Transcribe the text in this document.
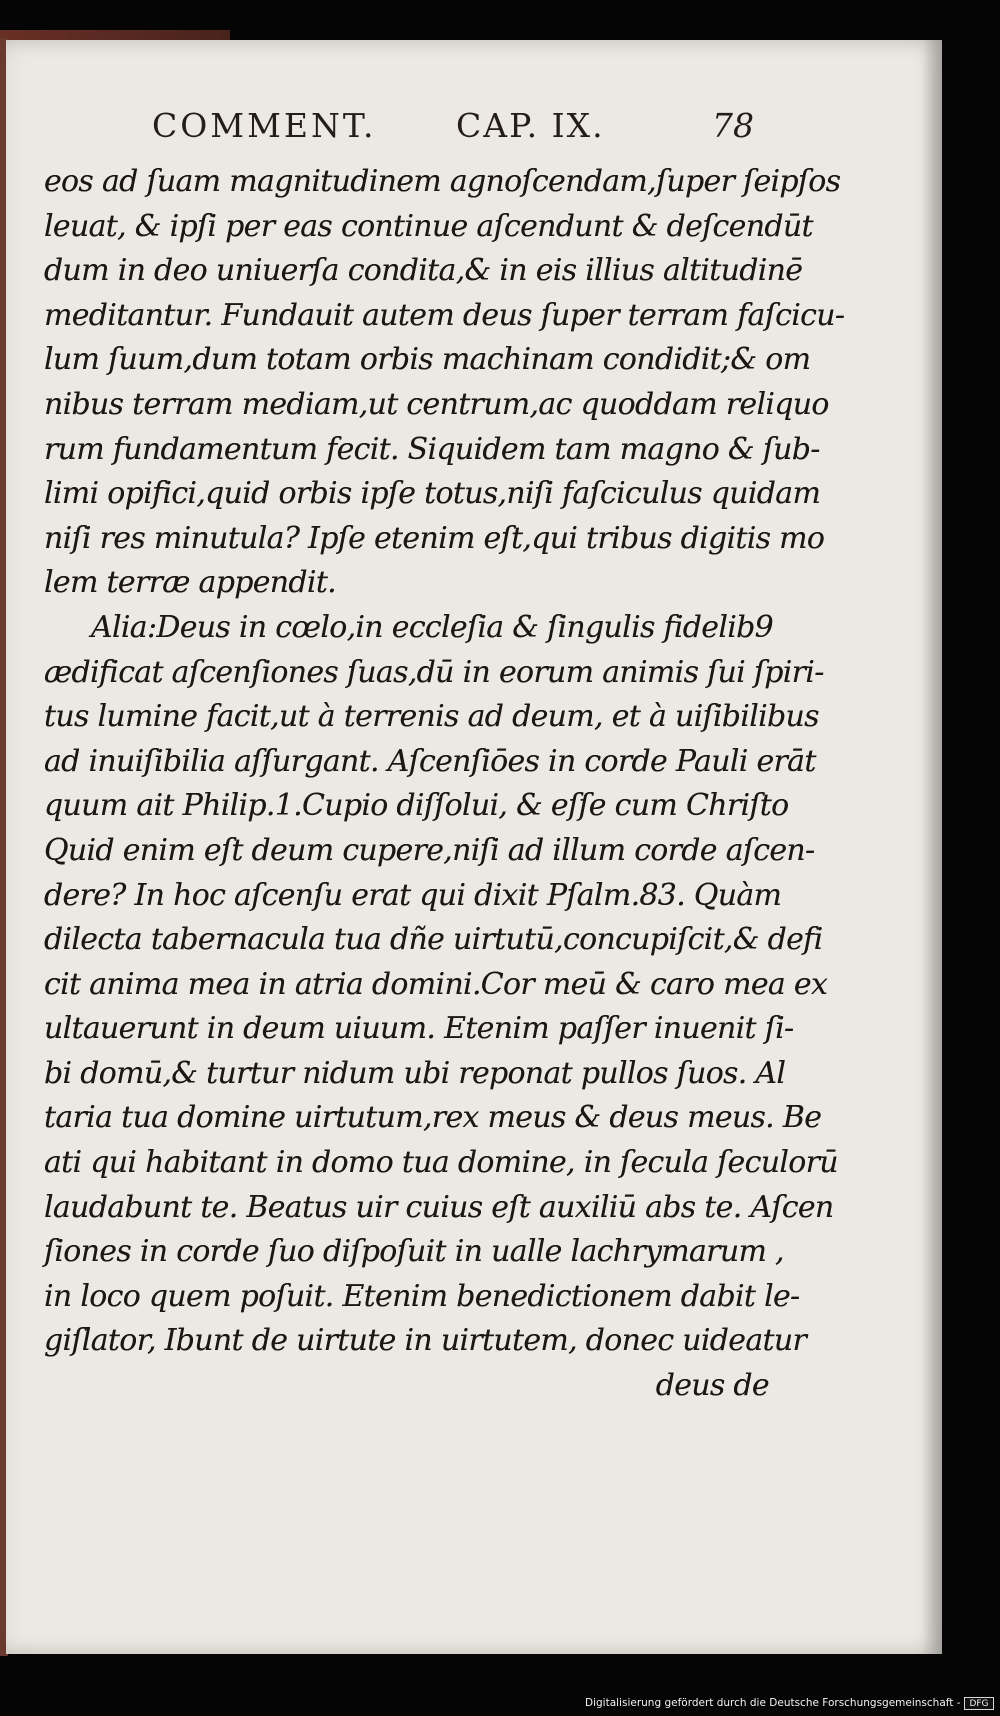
COMMENT. CAP. IX.	78
eos ad ſuam magnitudinem agnoſcendam,ſuper ſeipſos
leuat, & ipſi per eas continue aſcendunt & deſcendūt
dum in deo uniuerſa condita,& in eis illius altitudinē
meditantur. Fundauit autem deus ſuper terram faſcicu-
lum ſuum,dum totam orbis machinam condidit;& om
nibus terram mediam,ut centrum,ac quoddam reliquo
rum fundamentum fecit. Siquidem tam magno & ſub-
limi opifici,quid orbis ipſe totus,niſi faſciculus quidam
niſi res minutula? Ipſe etenim eſt,qui tribus digitis mo
lem terræ appendit.
Alia:Deus in cœlo,in eccleſia & ſingulis fidelib9
ædificat aſcenſiones ſuas,dū in eorum animis ſui ſpiri-
tus lumine facit,ut à terrenis ad deum, et à uiſibilibus
ad inuiſibilia aſſurgant. Aſcenſiōes in corde Pauli erāt
quum ait Philip.1.Cupio diſſolui, & eſſe cum Chriſto
Quid enim eſt deum cupere,niſi ad illum corde aſcen-
dere? In hoc aſcenſu erat qui dixit Pſalm.83. Quàm
dilecta tabernacula tua dñe uirtutū,concupiſcit,& defi
cit anima mea in atria domini.Cor meū & caro mea ex
ultauerunt in deum uiuum. Etenim paſſer inuenit ſi-
bi domū,& turtur nidum ubi reponat pullos ſuos. Al
taria tua domine uirtutum,rex meus & deus meus. Be
ati qui habitant in domo tua domine, in ſecula ſeculorū
laudabunt te. Beatus uir cuius eſt auxiliū abs te. Aſcen
ſiones in corde ſuo diſpoſuit in ualle lachrymarum ,
in loco quem poſuit. Etenim benedictionem dabit le-
giſlator, Ibunt de uirtute in uirtutem, donec uideatur
deus de
Digitalisierung gefördert durch die Deutsche Forschungsgemeinschaft - DFG
